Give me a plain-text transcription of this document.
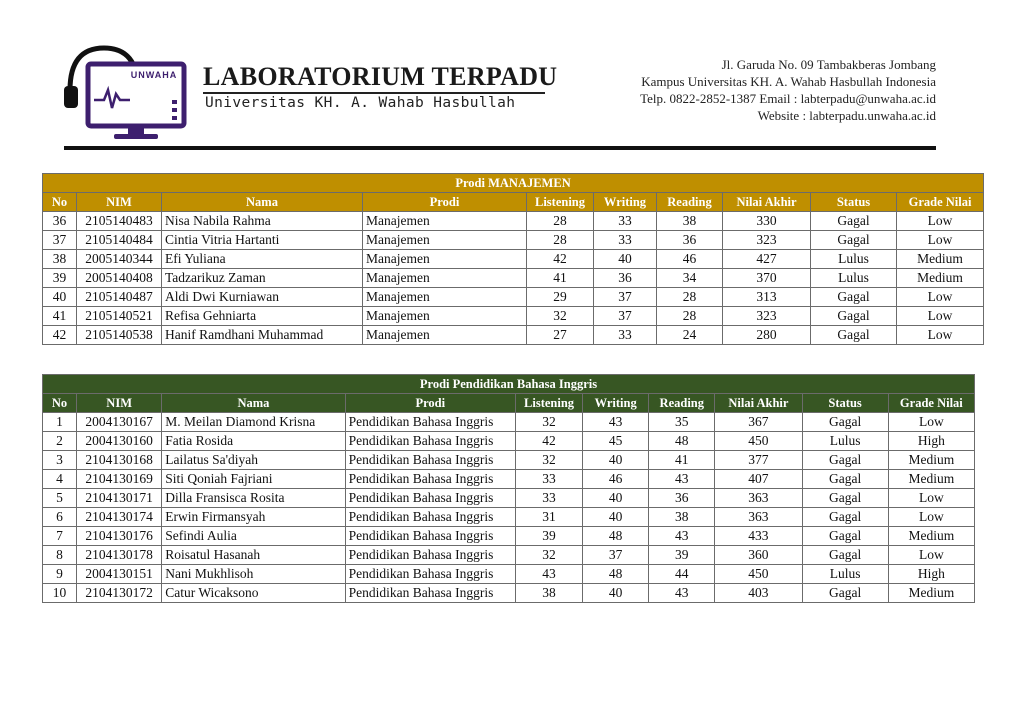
UNWAHA LABORATORIUM TERPADU
Universitas KH. A. Wahab Hasbullah
Jl. Garuda No. 09 Tambakberas Jombang
Kampus Universitas KH. A. Wahab Hasbullah Indonesia
Telp. 0822-2852-1387 Email : labterpadu@unwaha.ac.id
Website : labterpadu.unwaha.ac.id
Prodi MANAJEMEN									
No	NIM	Nama	Prodi	Listening	Writing	Reading	Nilai Akhir	Status	Grade Nilai
36	2105140483	Nisa Nabila Rahma	Manajemen	28	33	38	330	Gagal	Low
37	2105140484	Cintia Vitria Hartanti	Manajemen	28	33	36	323	Gagal	Low
38	2005140344	Efi Yuliana	Manajemen	42	40	46	427	Lulus	Medium
39	2005140408	Tadzarikuz Zaman	Manajemen	41	36	34	370	Lulus	Medium
40	2105140487	Aldi Dwi Kurniawan	Manajemen	29	37	28	313	Gagal	Low
41	2105140521	Refisa Gehniarta	Manajemen	32	37	28	323	Gagal	Low
42	2105140538	Hanif Ramdhani Muhammad	Manajemen	27	33	24	280	Gagal	Low
Prodi Pendidikan Bahasa Inggris									
No	NIM	Nama	Prodi	Listening	Writing	Reading	Nilai Akhir	Status	Grade Nilai
1	2004130167	M. Meilan Diamond Krisna	Pendidikan Bahasa Inggris	32	43	35	367	Gagal	Low
2	2004130160	Fatia Rosida	Pendidikan Bahasa Inggris	42	45	48	450	Lulus	High
3	2104130168	Lailatus Sa'diyah	Pendidikan Bahasa Inggris	32	40	41	377	Gagal	Medium
4	2104130169	Siti Qoniah Fajriani	Pendidikan Bahasa Inggris	33	46	43	407	Gagal	Medium
5	2104130171	Dilla Fransisca Rosita	Pendidikan Bahasa Inggris	33	40	36	363	Gagal	Low
6	2104130174	Erwin Firmansyah	Pendidikan Bahasa Inggris	31	40	38	363	Gagal	Low
7	2104130176	Sefindi Aulia	Pendidikan Bahasa Inggris	39	48	43	433	Gagal	Medium
8	2104130178	Roisatul Hasanah	Pendidikan Bahasa Inggris	32	37	39	360	Gagal	Low
9	2004130151	Nani Mukhlisoh	Pendidikan Bahasa Inggris	43	48	44	450	Lulus	High
10	2104130172	Catur Wicaksono	Pendidikan Bahasa Inggris	38	40	43	403	Gagal	Medium
